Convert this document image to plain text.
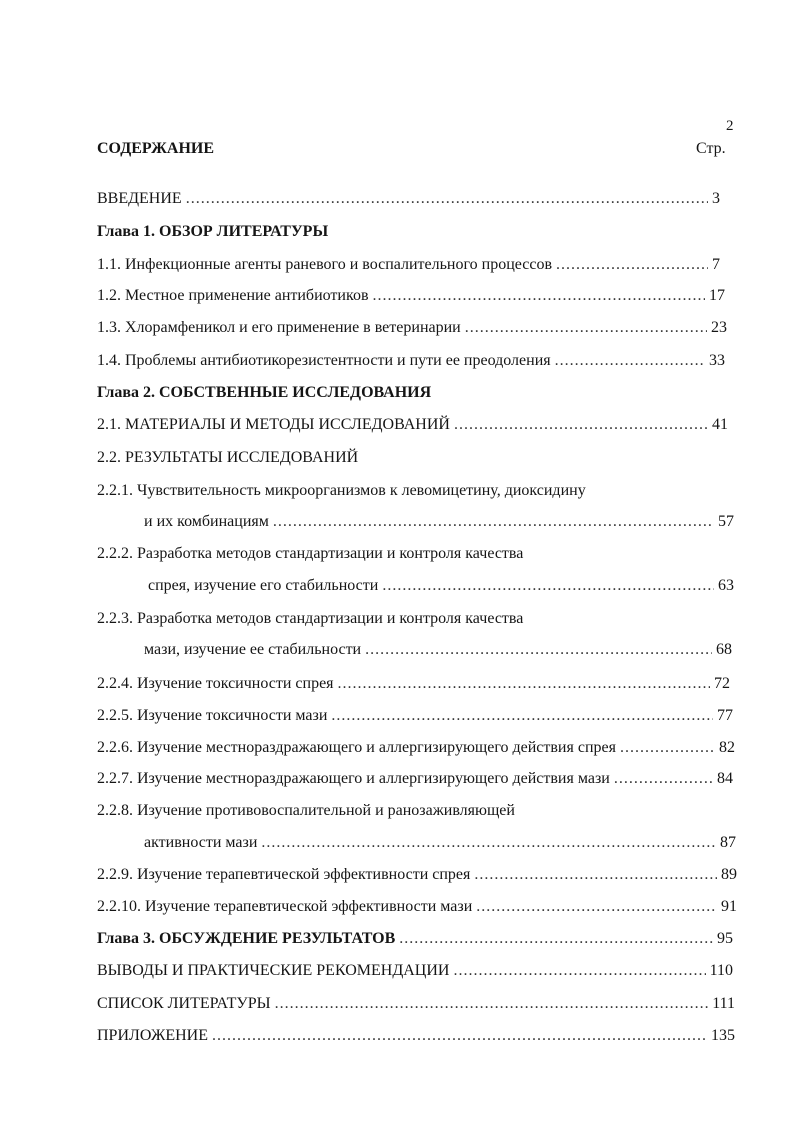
2
СОДЕРЖАНИЕ	Стр.
ВВЕДЕНИЕ .....	3
Глава 1. ОБЗОР ЛИТЕРАТУРЫ
1.1. Инфекционные агенты раневого и воспалительного процессов .....	7
1.2. Местное применение антибиотиков .....	17
1.3. Хлорамфеникол и его применение в ветеринарии .....	23
1.4. Проблемы антибиотикорезистентности и пути ее преодоления .....	33
Глава 2. СОБСТВЕННЫЕ ИССЛЕДОВАНИЯ
2.1. МАТЕРИАЛЫ И МЕТОДЫ ИССЛЕДОВАНИЙ .....	41
2.2. РЕЗУЛЬТАТЫ ИССЛЕДОВАНИЙ
2.2.1. Чувствительность микроорганизмов к левомицетину, диоксидину
и их комбинациям .....	57
2.2.2. Разработка методов стандартизации и контроля качества
спрея, изучение его стабильности .....	63
2.2.3. Разработка методов стандартизации и контроля качества
мази, изучение ее стабильности .....	68
2.2.4. Изучение токсичности спрея .....	72
2.2.5. Изучение токсичности мази .....	77
2.2.6. Изучение местнораздражающего и аллергизирующего действия спрея .....	82
2.2.7. Изучение местнораздражающего и аллергизирующего действия мази .....	84
2.2.8. Изучение противовоспалительной и ранозаживляющей
активности мази .....	87
2.2.9. Изучение терапевтической эффективности спрея .....	89
2.2.10. Изучение терапевтической эффективности мази .....	91
Глава 3. ОБСУЖДЕНИЕ РЕЗУЛЬТАТОВ .....	95
ВЫВОДЫ И ПРАКТИЧЕСКИЕ РЕКОМЕНДАЦИИ .....	110
СПИСОК ЛИТЕРАТУРЫ .....	111
ПРИЛОЖЕНИЕ .....	135
